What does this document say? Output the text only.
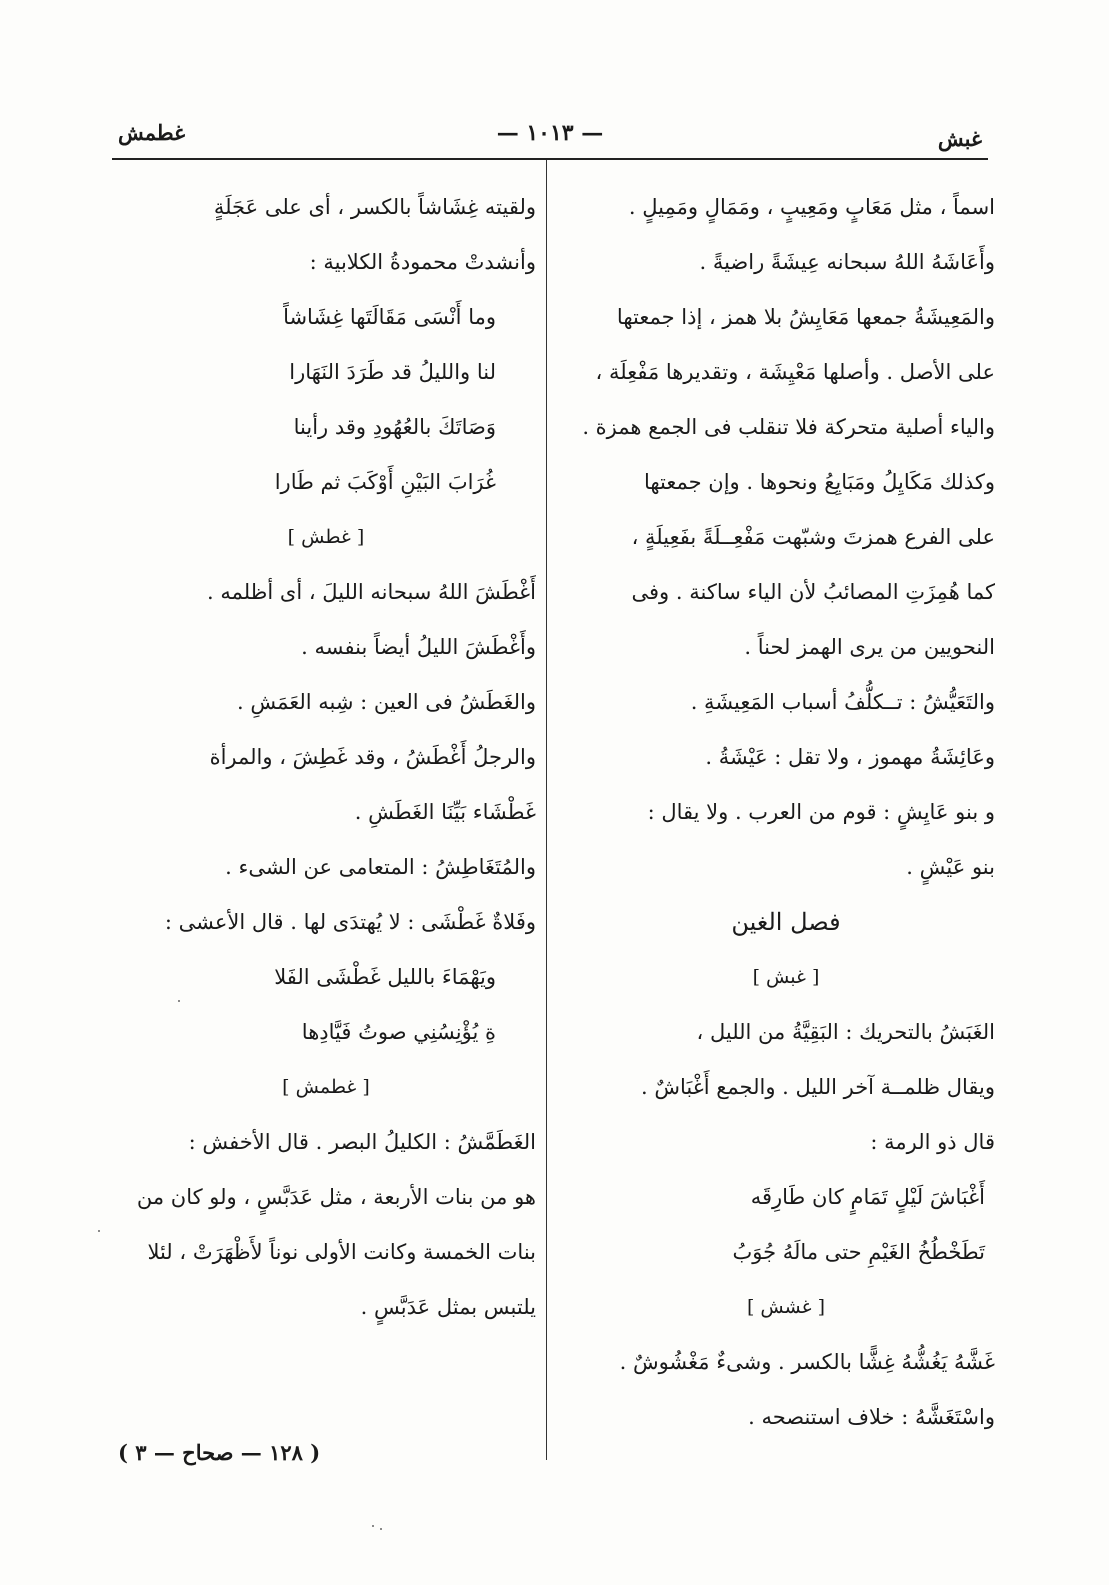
غبش
— ١٠١٣ —
غطمش
اسماً ، مثل مَعَابٍ ومَعِيبٍ ، ومَمَالٍ ومَمِيلٍ .
وأَعَاشَهُ اللهُ سبحانه عِيشَةً راضيةً .
والمَعِيشَةُ جمعها مَعَايِشُ بلا همز ، إذا جمعتها
على الأصل . وأصلها مَعْيِشَة ، وتقديرها مَفْعِلَة ،
والياء أصلية متحركة فلا تنقلب فى الجمع همزة .
وكذلك مَكَايِلُ ومَبَايِعُ ونحوها . وإن جمعتها
على الفرع همزتَ وشبّهت مَفْعِــلَةً بفَعِيلَةٍ ،
كما هُمِزَتِ المصائبُ لأن الياء ساكنة . وفى
النحويين من يرى الهمز لحناً .
والتَعَيُّشُ : تــكلُّفُ أسباب المَعِيشَةِ .
وعَائِشَةُ مهموز ، ولا تقل : عَيْشَةُ .
و بنو عَايِشٍ : قوم من العرب . ولا يقال :
بنو عَيْشٍ .
فصل الغين
[ غبش ]
الغَبَشُ بالتحريك : البَقِيَّةُ من الليل ،
ويقال ظلمــة آخر الليل . والجمع أَغْبَاشٌ .
قال ذو الرمة :
أَغْبَاشَ لَيْلٍ تَمَامٍ كان طَارِقَه
تَطَخْطُخُ الغَيْمِ حتى مالَهُ جُوَبُ
[ غشش ]
غَشَّهُ يَغُشُّهُ غِشًّا بالكسر . وشىءٌ مَغْشُوشٌ .
واسْتَغَشَّهُ : خلاف استنصحه .
ولقيته غِشَاشاً بالكسر ، أى على عَجَلَةٍ
وأنشدتْ محمودةُ الكلابية :
وما أَنْسَى مَقَالَتَها غِشَاشاً
لنا والليلُ قد طَرَدَ النَهَارا
وَصَاتَكَ بالعُهُودِ وقد رأينا
غُرَابَ البَيْنِ أَوْكَبَ ثم طَارا
[ غطش ]
أَغْطَشَ اللهُ سبحانه الليلَ ، أى أظلمه .
وأَغْطَشَ الليلُ أيضاً بنفسه .
والغَطَشُ فى العين : شِبه العَمَشِ .
والرجلُ أَغْطَشُ ، وقد غَطِشَ ، والمرأة
غَطْشَاء بَيِّنَا الغَطَشِ .
والمُتَغَاطِشُ : المتعامى عن الشىء .
وفَلاةٌ غَطْشَى : لا يُهتدَى لها . قال الأعشى :
ويَهْمَاءَ بالليل غَطْشَى الفَلا
ةِ يُؤْنِسُنِي صوتُ فَيَّادِها
[ غطمش ]
الغَطَمَّشُ : الكليلُ البصر . قال الأخفش :
هو من بنات الأربعة ، مثل عَدَبَّسٍ ، ولو كان من
بنات الخمسة وكانت الأولى نوناً لأَظْهَرَتْ ، لئلا
يلتبس بمثل عَدَبَّسٍ .
( ١٢٨ — صحاح — ٣ )
